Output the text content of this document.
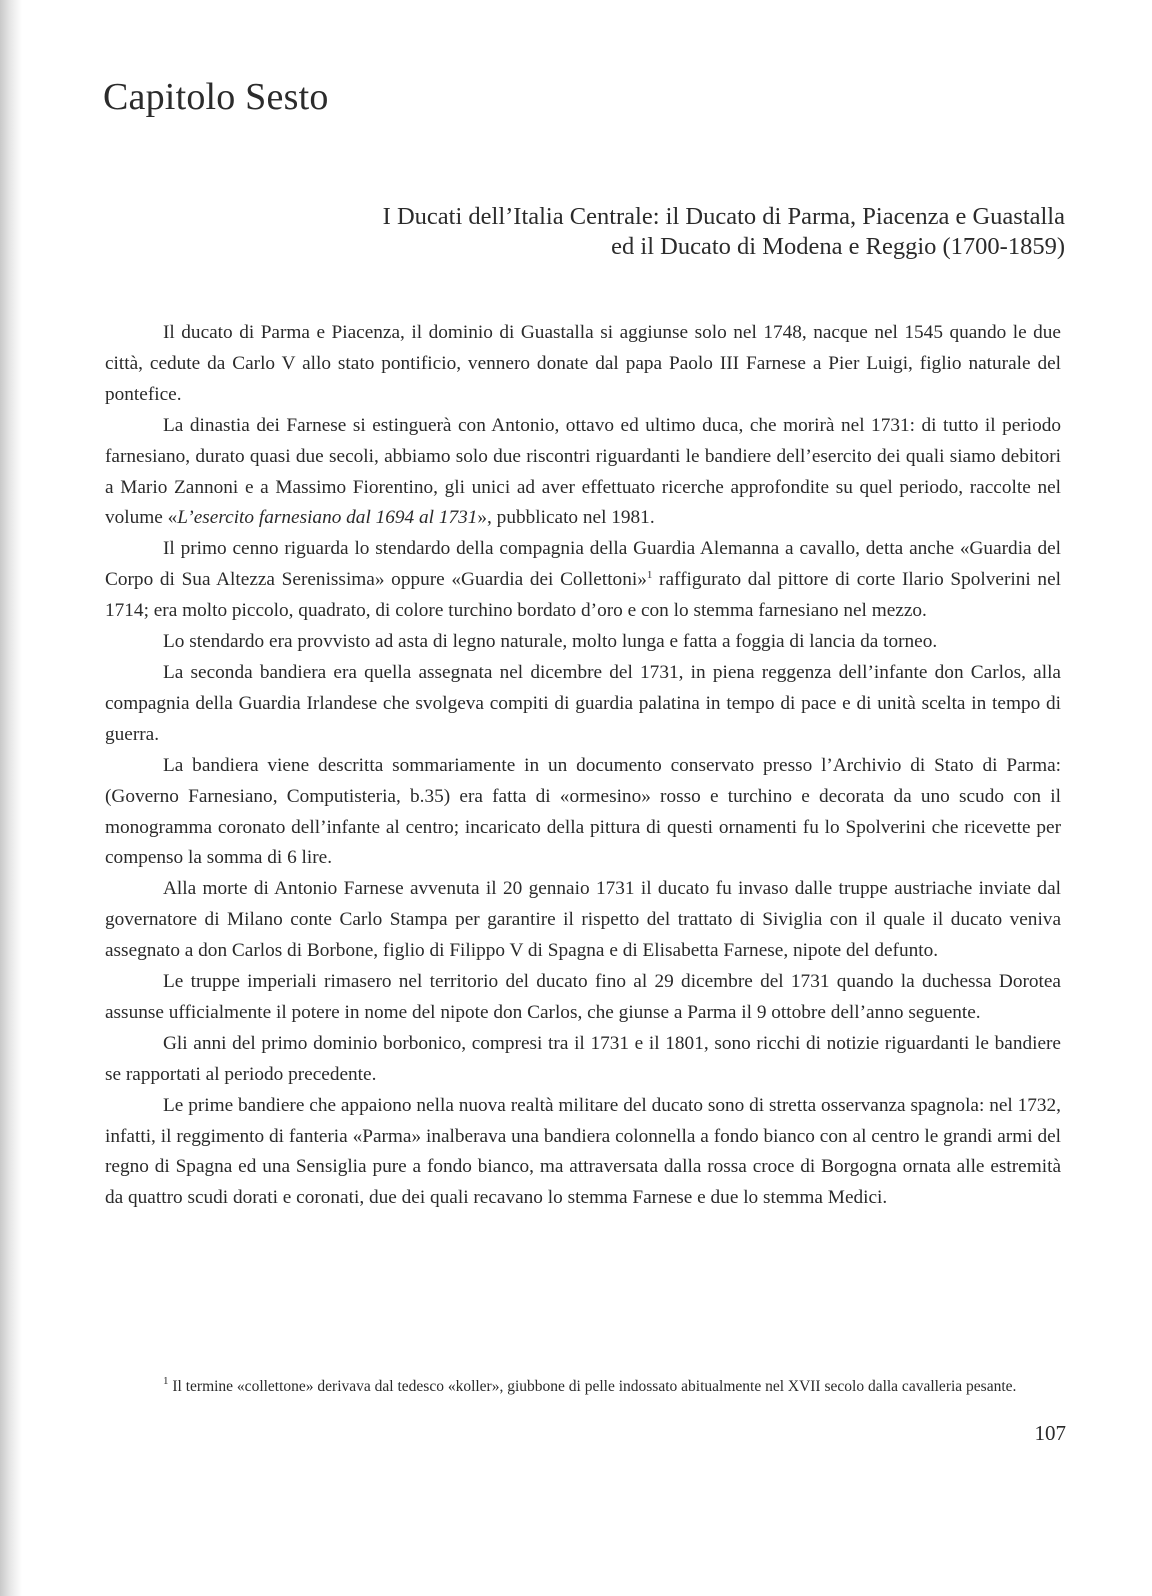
Capitolo Sesto
I Ducati dell’Italia Centrale: il Ducato di Parma, Piacenza e Guastalla
ed il Ducato di Modena e Reggio (1700-1859)

Il ducato di Parma e Piacenza, il dominio di Guastalla si aggiunse solo nel 1748, nacque nel 1545 quando le due città, cedute da Carlo V allo stato pontificio, vennero donate dal papa Paolo III Farnese a Pier Luigi, figlio naturale del pontefice.

La dinastia dei Farnese si estinguerà con Antonio, ottavo ed ultimo duca, che morirà nel 1731: di tutto il periodo farnesiano, durato quasi due secoli, abbiamo solo due riscontri riguardanti le bandiere dell’esercito dei quali siamo debitori a Mario Zannoni e a Massimo Fiorentino, gli unici ad aver effettuato ricerche approfondite su quel periodo, raccolte nel volume «L’esercito farnesiano dal 1694 al 1731», pubblicato nel 1981.

Il primo cenno riguarda lo stendardo della compagnia della Guardia Alemanna a cavallo, detta anche «Guardia del Corpo di Sua Altezza Serenissima» oppure «Guardia dei Collettoni»$^1$ raffigurato dal pittore di corte Ilario Spolverini nel 1714; era molto piccolo, quadrato, di colore turchino bordato d’oro e con lo stemma farnesiano nel mezzo.

Lo stendardo era provvisto ad asta di legno naturale, molto lunga e fatta a foggia di lancia da torneo.

La seconda bandiera era quella assegnata nel dicembre del 1731, in piena reggenza dell’infante don Carlos, alla compagnia della Guardia Irlandese che svolgeva compiti di guardia palatina in tempo di pace e di unità scelta in tempo di guerra.

La bandiera viene descritta sommariamente in un documento conservato presso l’Archivio di Stato di Parma: (Governo Farnesiano, Computisteria, b.35) era fatta di «ormesino» rosso e turchino e decorata da uno scudo con il monogramma coronato dell’infante al centro; incaricato della pittura di questi ornamenti fu lo Spolverini che ricevette per compenso la somma di 6 lire.

Alla morte di Antonio Farnese avvenuta il 20 gennaio 1731 il ducato fu invaso dalle truppe austriache inviate dal governatore di Milano conte Carlo Stampa per garantire il rispetto del trattato di Siviglia con il quale il ducato veniva assegnato a don Carlos di Borbone, figlio di Filippo V di Spagna e di Elisabetta Farnese, nipote del defunto.

Le truppe imperiali rimasero nel territorio del ducato fino al 29 dicembre del 1731 quando la duchessa Dorotea assunse ufficialmente il potere in nome del nipote don Carlos, che giunse a Parma il 9 ottobre dell’anno seguente.

Gli anni del primo dominio borbonico, compresi tra il 1731 e il 1801, sono ricchi di notizie riguardanti le bandiere se rapportati al periodo precedente.

Le prime bandiere che appaiono nella nuova realtà militare del ducato sono di stretta osservanza spagnola: nel 1732, infatti, il reggimento di fanteria «Parma» inalberava una bandiera colonnella a fondo bianco con al centro le grandi armi del regno di Spagna ed una Sensiglia pure a fondo bianco, ma attraversata dalla rossa croce di Borgogna ornata alle estremità da quattro scudi dorati e coronati, due dei quali recavano lo stemma Farnese e due lo stemma Medici.

$^1$ Il termine «collettone» derivava dal tedesco «koller», giubbone di pelle indossato abitualmente nel XVII secolo dalla cavalleria pesante.

107
